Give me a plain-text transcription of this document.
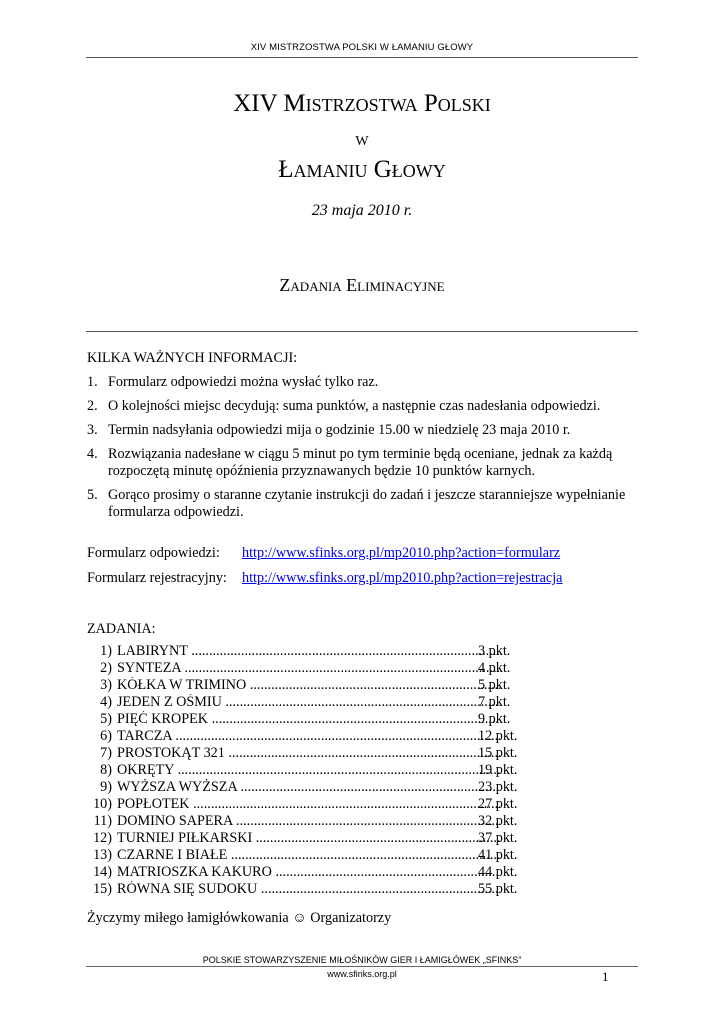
XIV MISTRZOSTWA POLSKI W ŁAMANIU GŁOWY
XIV Mistrzostwa Polski
w
Łamaniu Głowy
23 maja 2010 r.
Zadania Eliminacyjne
KILKA WAŻNYCH INFORMACJI:
1. Formularz odpowiedzi można wysłać tylko raz.
2. O kolejności miejsc decydują: suma punktów, a następnie czas nadesłania odpowiedzi.
3. Termin nadsyłania odpowiedzi mija o godzinie 15.00 w niedzielę 23 maja 2010 r.
4. Rozwiązania nadesłane w ciągu 5 minut po tym terminie będą oceniane, jednak za każdą rozpoczętą minutę opóźnienia przyznawanych będzie 10 punktów karnych.
5. Gorąco prosimy o staranne czytanie instrukcji do zadań i jeszcze staranniejsze wypełnianie formularza odpowiedzi.
Formularz odpowiedzi: http://www.sfinks.org.pl/mp2010.php?action=formularz
Formularz rejestracyjny: http://www.sfinks.org.pl/mp2010.php?action=rejestracja
ZADANIA:
1) LABIRYNT .....	3 pkt.
2) SYNTEZA .....	4 pkt.
3) KÓŁKA W TRIMINO .....	5 pkt.
4) JEDEN Z OŚMIU .....	7 pkt.
5) PIĘĆ KROPEK .....	9 pkt.
6) TARCZA .....	12 pkt.
7) PROSTOKĄT 321 .....	15 pkt.
8) OKRĘTY .....	19 pkt.
9) WYŻSZA WYŻSZA .....	23 pkt.
10) POPŁOTEK .....	27 pkt.
11) DOMINO SAPERA .....	32 pkt.
12) TURNIEJ PIŁKARSKI .....	37 pkt.
13) CZARNE I BIAŁE .....	41 pkt.
14) MATRIOSZKA KAKURO .....	44 pkt.
15) RÓWNA SIĘ SUDOKU .....	55 pkt.
Życzymy miłego łamigłówkowania ☺ Organizatorzy
POLSKIE STOWARZYSZENIE MIŁOŚNIKÓW GIER I ŁAMIGŁÓWEK „SFINKS”
www.sfinks.org.pl	1
